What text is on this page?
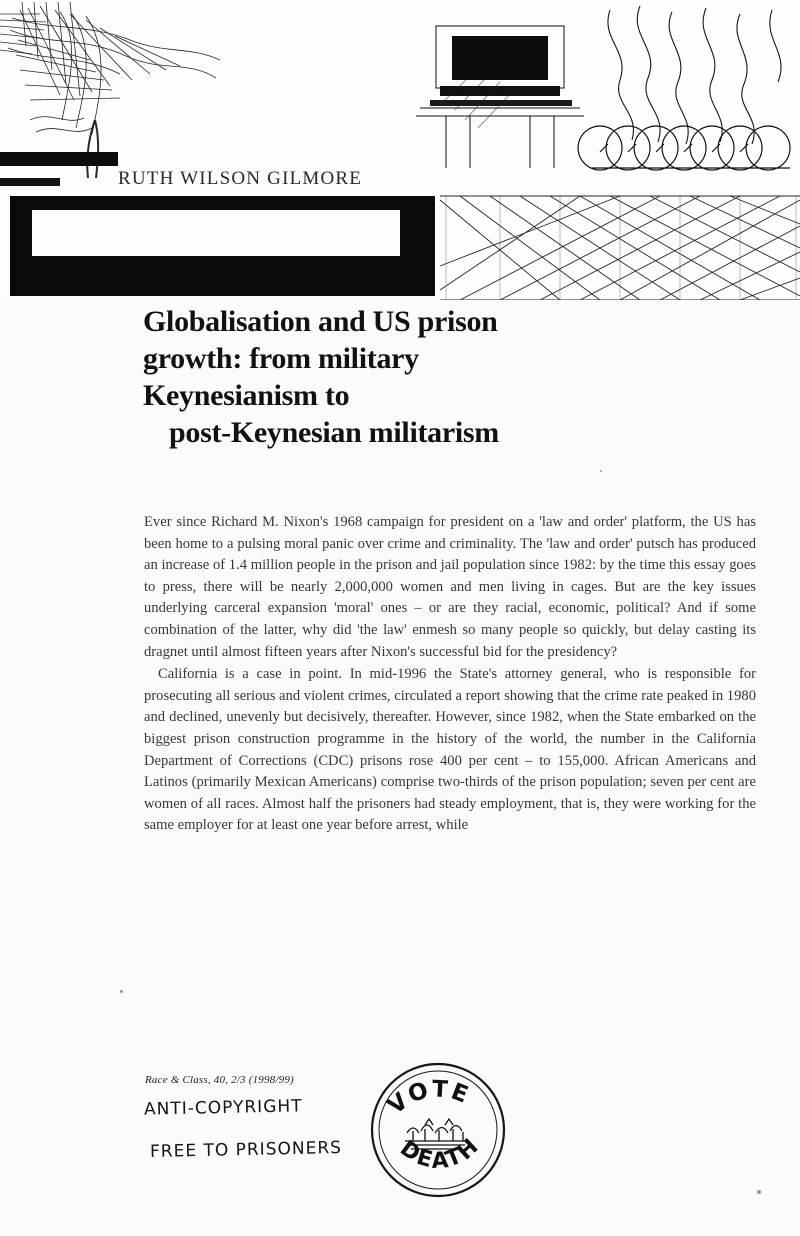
RUTH WILSON GILMORE
Globalisation and US prison
growth: from military
Keynesianism to
post-Keynesian militarism

Ever since Richard M. Nixon's 1968 campaign for president on a 'law and order' platform, the US has been home to a pulsing moral panic over crime and criminality. The 'law and order' putsch has produced an increase of 1.4 million people in the prison and jail population since 1982: by the time this essay goes to press, there will be nearly 2,000,000 women and men living in cages. But are the key issues underlying carceral expansion 'moral' ones – or are they racial, economic, political? And if some combination of the latter, why did 'the law' enmesh so many people so quickly, but delay casting its dragnet until almost fifteen years after Nixon's successful bid for the presidency?

California is a case in point. In mid-1996 the State's attorney general, who is responsible for prosecuting all serious and violent crimes, circulated a report showing that the crime rate peaked in 1980 and declined, unevenly but decisively, thereafter. However, since 1982, when the State embarked on the biggest prison construction programme in the history of the world, the number in the California Department of Corrections (CDC) prisons rose 400 per cent – to 155,000. African Americans and Latinos (primarily Mexican Americans) comprise two-thirds of the prison population; seven per cent are women of all races. Almost half the prisoners had steady employment, that is, they were working for the same employer for at least one year before arrest, while

Race & Class, 40, 2/3 (1998/99)
ANTI-COPYRIGHT
FREE TO PRISONERS
VOTE
DEATH
